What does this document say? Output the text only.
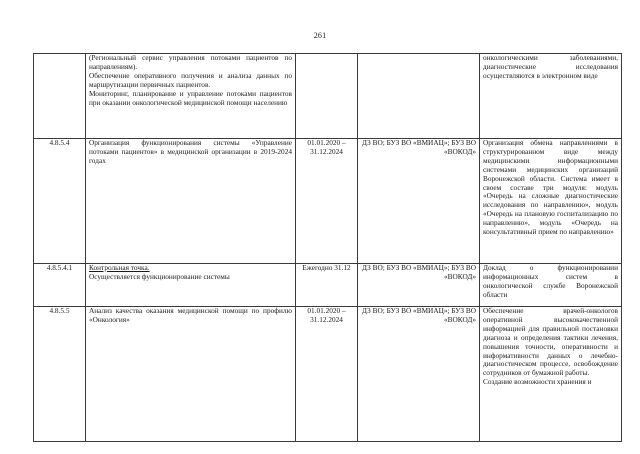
261

	(Региональный сервис управления потоками пациентов по направлениям).
Обеспечение оперативного получения и анализа данных по маршрутизации первичных пациентов.
Мониторинг, планирование и управление потоками пациентов при оказании онкологической медицинской помощи населению			онкологическими заболеваниями, диагностические исследования осуществляются в электронном виде

4.8.5.4	Организация функционирования системы «Управление потоками пациентов» в медицинской организации в 2019-2024 годах	01.01.2020 – 31.12.2024	ДЗ ВО; БУЗ ВО «ВМИАЦ»; БУЗ ВО «ВОКОД»	Организация обмена направлениями в структурированном виде между медицинскими информационными системами медицинских организаций Воронежской области. Система имеет в своем составе три модуля: модуль «Очередь на сложные диагностические исследования по направлению», модуль «Очередь на плановую госпитализацию по направлению», модуль «Очередь на консультативный прием по направлению»

4.8.5.4.1	Контрольная точка.
Осуществляется функционирование системы	Ежегодно 31.12	ДЗ ВО; БУЗ ВО «ВМИАЦ»; БУЗ ВО «ВОКОД»	Доклад о функционировании информационных систем в онкологической службе Воронежской области

4.8.5.5	Анализ качества оказания медицинской помощи по профилю «Онкология»	01.01.2020 – 31.12.2024	ДЗ ВО; БУЗ ВО «ВМИАЦ»; БУЗ ВО «ВОКОД»	Обеспечение врачей-онкологов оперативной высококачественной информацией для правильной постановки диагноза и определения тактики лечения, повышения точности, оперативности и информативности данных о лечебно-диагностическом процессе, освобождение сотрудников от бумажной работы.
Создание возможности хранения и
